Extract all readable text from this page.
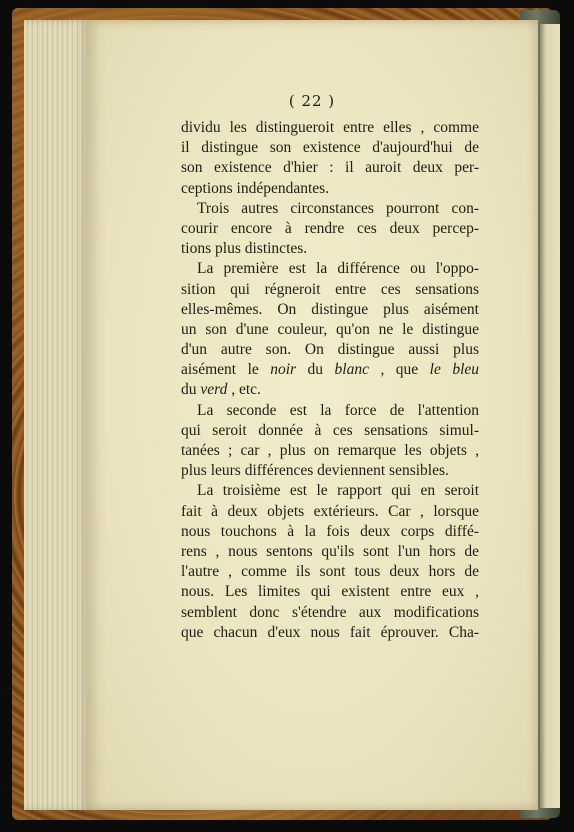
( 22 )
dividu les distingueroit entre elles , comme
il distingue son existence d'aujourd'hui de
son existence d'hier : il auroit deux per-
ceptions indépendantes.
Trois autres circonstances pourront con-
courir encore à rendre ces deux percep-
tions plus distinctes.
La première est la différence ou l'oppo-
sition qui régneroit entre ces sensations
elles-mêmes. On distingue plus aisément
un son d'une couleur, qu'on ne le distingue
d'un autre son. On distingue aussi plus
aisément le noir du blanc , que le bleu
du verd , etc.
La seconde est la force de l'attention
qui seroit donnée à ces sensations simul-
tanées ; car , plus on remarque les objets ,
plus leurs différences deviennent sensibles.
La troisième est le rapport qui en seroit
fait à deux objets extérieurs. Car , lorsque
nous touchons à la fois deux corps diffé-
rens , nous sentons qu'ils sont l'un hors de
l'autre , comme ils sont tous deux hors de
nous. Les limites qui existent entre eux ,
semblent donc s'étendre aux modifications
que chacun d'eux nous fait éprouver. Cha-
